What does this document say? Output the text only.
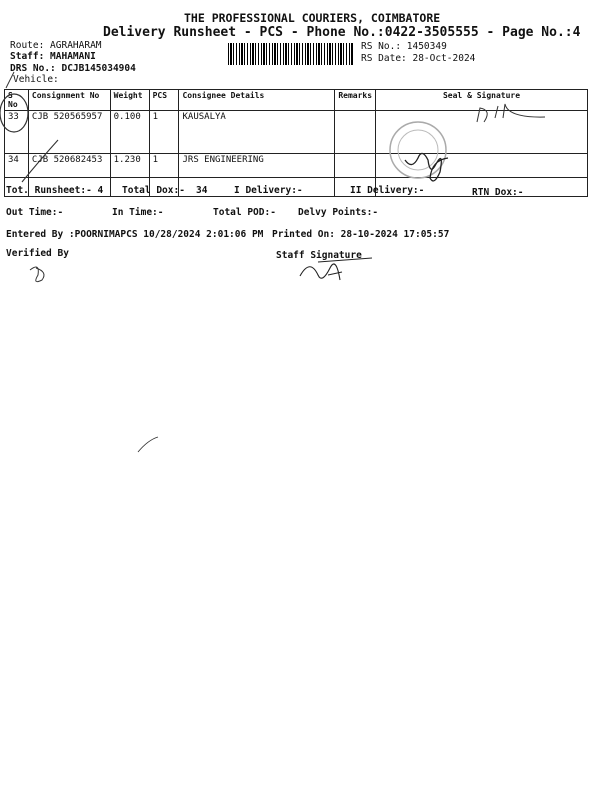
THE PROFESSIONAL COURIERS, COIMBATORE
Delivery Runsheet - PCS - Phone No.:0422-3505555 - Page No.:4
Route: AGRAHARAM
Staff: MAHAMANI
DRS No.: DCJB145034904
Vehicle:
RS No.: 1450349
RS Date: 28-Oct-2024
S No	Consignment No	Weight	PCS	Consignee Details	Remarks	Seal & Signature
33	CJB 520565957	0.100	1	KAUSALYA		
34	CJB 520682453	1.230	1	JRS ENGINEERING		
Tot. Runsheet:- 4 Total Dox:- 34	I Delivery:-	II Delivery:-	RTN Dox:-
Out Time:-	In Time:-	Total POD:- Delvy Points:-
Entered By :POORNIMAPCS 10/28/2024 2:01:06 PM Printed On: 28-10-2024 17:05:57
Verified By	Staff Signature
